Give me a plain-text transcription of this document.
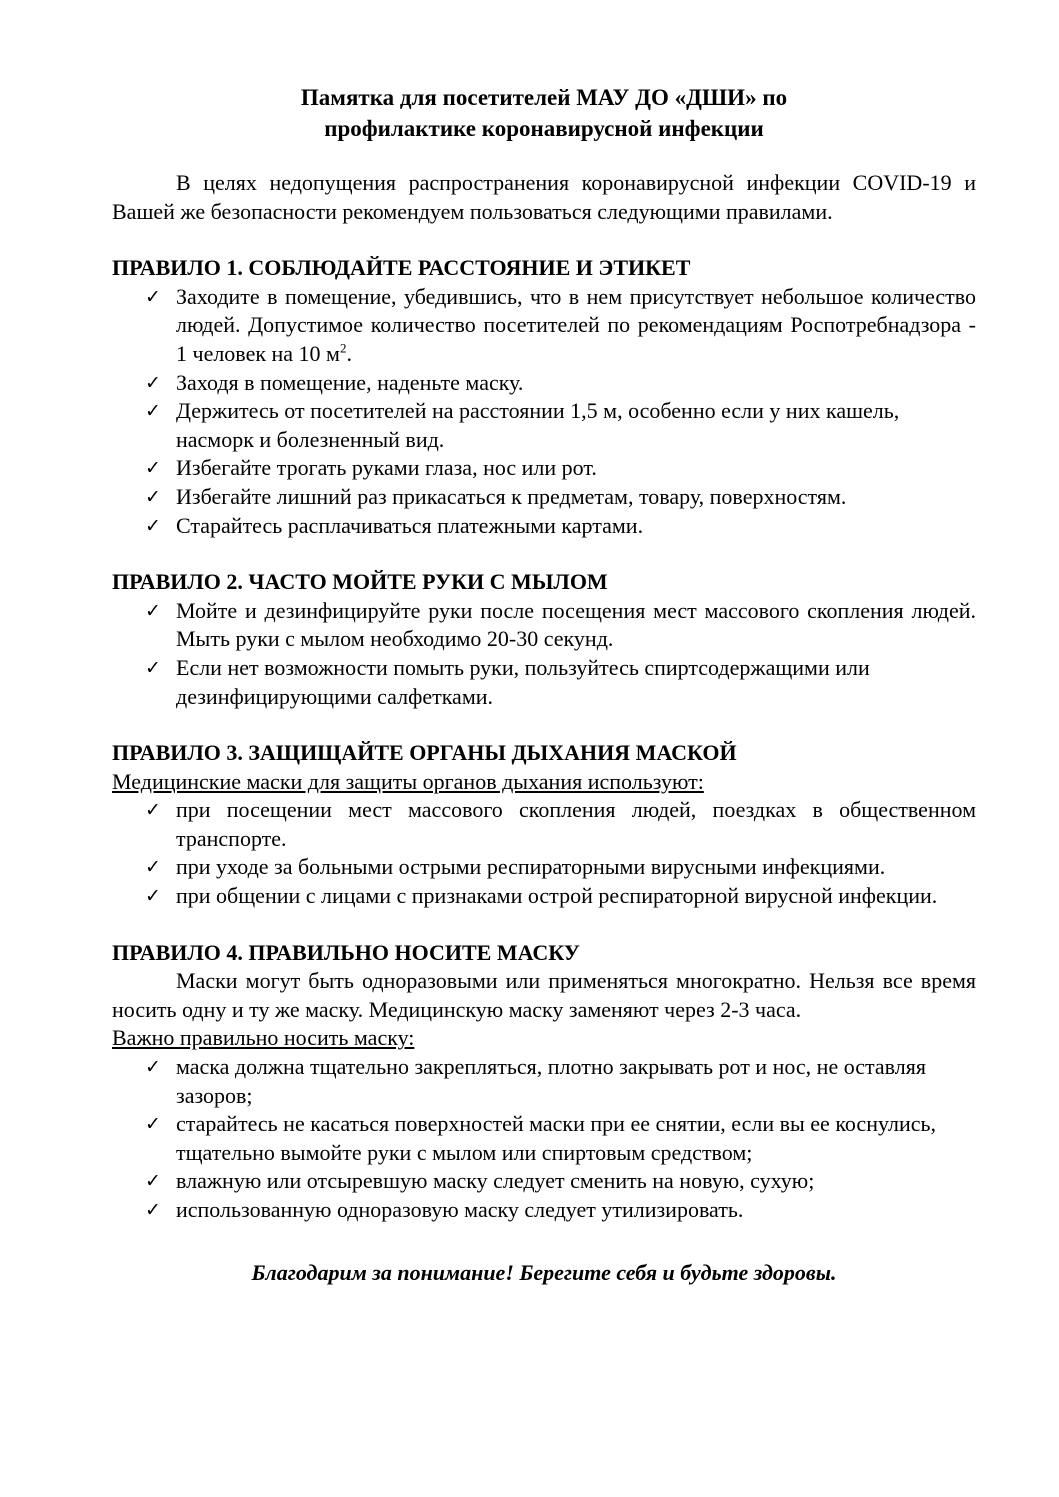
Памятка для посетителей МАУ ДО «ДШИ» по
профилактике коронавирусной инфекции

В целях недопущения распространения коронавирусной инфекции COVID-19 и Вашей же безопасности рекомендуем пользоваться следующими правилами.

ПРАВИЛО 1. СОБЛЮДАЙТЕ РАССТОЯНИЕ И ЭТИКЕТ

✓ Заходите в помещение, убедившись, что в нем присутствует небольшое количество людей. Допустимое количество посетителей по рекомендациям Роспотребнадзора - 1 человек на 10 $м^2$.
✓ Заходя в помещение, наденьте маску.
✓ Держитесь от посетителей на расстоянии 1,5 м, особенно если у них кашель, насморк и болезненный вид.
✓ Избегайте трогать руками глаза, нос или рот.
✓ Избегайте лишний раз прикасаться к предметам, товару, поверхностям.
✓ Старайтесь расплачиваться платежными картами.

ПРАВИЛО 2. ЧАСТО МОЙТЕ РУКИ С МЫЛОМ

✓ Мойте и дезинфицируйте руки после посещения мест массового скопления людей. Мыть руки с мылом необходимо 20-30 секунд.
✓ Если нет возможности помыть руки, пользуйтесь спиртсодержащими или дезинфицирующими салфетками.

ПРАВИЛО 3. ЗАЩИЩАЙТЕ ОРГАНЫ ДЫХАНИЯ МАСКОЙ

Медицинские маски для защиты органов дыхания используют:

✓ при посещении мест массового скопления людей, поездках в общественном транспорте.
✓ при уходе за больными острыми респираторными вирусными инфекциями.
✓ при общении с лицами с признаками острой респираторной вирусной инфекции.

ПРАВИЛО 4. ПРАВИЛЬНО НОСИТЕ МАСКУ

Маски могут быть одноразовыми или применяться многократно. Нельзя все время носить одну и ту же маску. Медицинскую маску заменяют через 2-3 часа.

Важно правильно носить маску:

✓ маска должна тщательно закрепляться, плотно закрывать рот и нос, не оставляя зазоров;
✓ старайтесь не касаться поверхностей маски при ее снятии, если вы ее коснулись, тщательно вымойте руки с мылом или спиртовым средством;
✓ влажную или отсыревшую маску следует сменить на новую, сухую;
✓ использованную одноразовую маску следует утилизировать.

Благодарим за понимание! Берегите себя и будьте здоровы.
